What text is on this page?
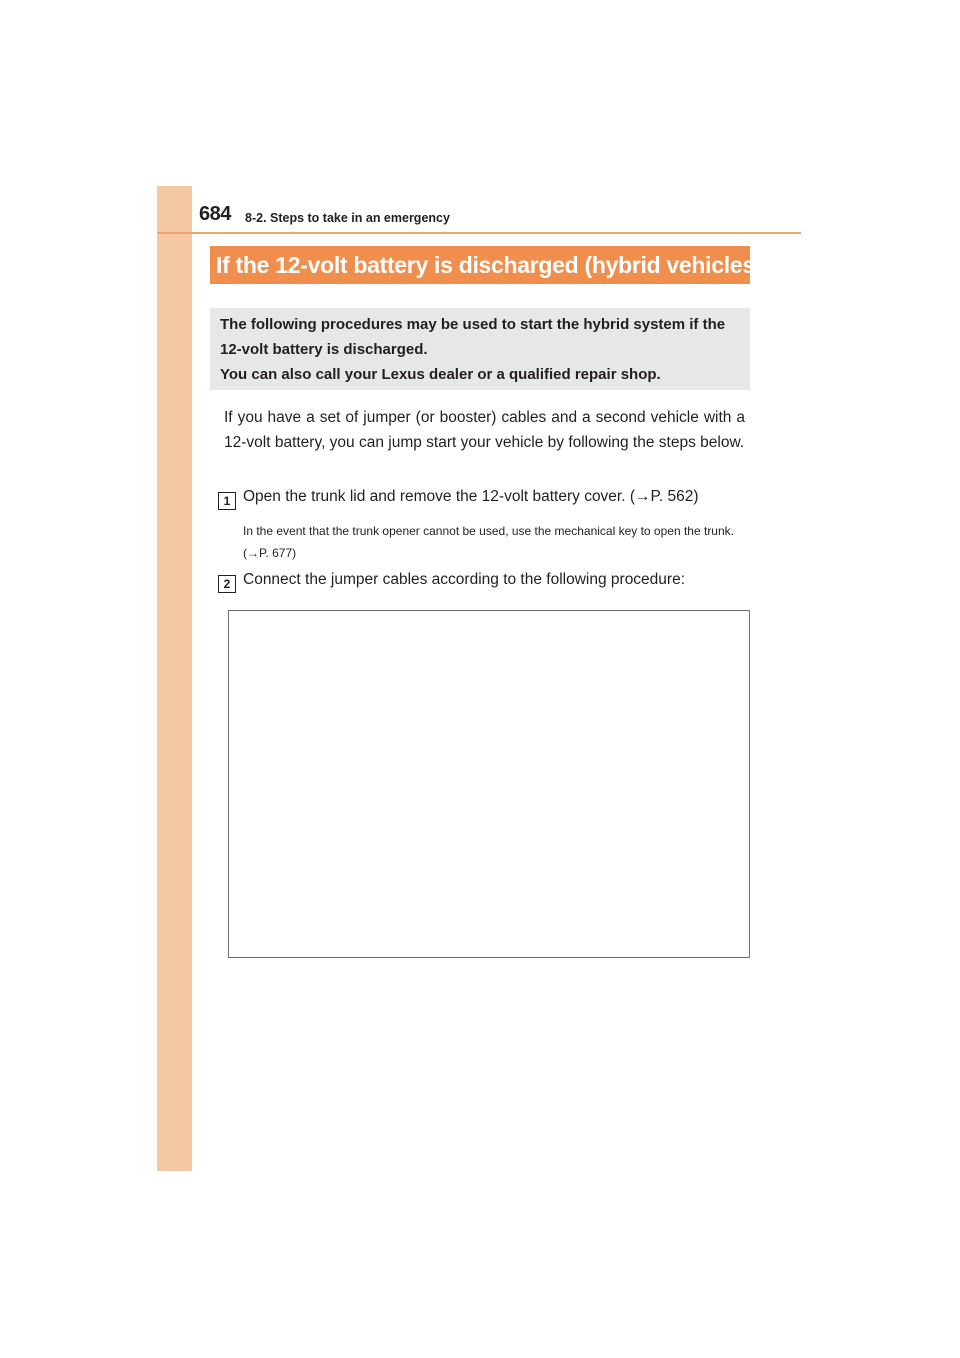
684 8-2. Steps to take in an emergency
If the 12-volt battery is discharged (hybrid vehicles)

The following procedures may be used to start the hybrid system if the 12-volt battery is discharged.

You can also call your Lexus dealer or a qualified repair shop.

If you have a set of jumper (or booster) cables and a second vehicle with a 12-volt battery, you can jump start your vehicle by following the steps below.
1 Open the trunk lid and remove the 12-volt battery cover. (→P. 562)

In the event that the trunk opener cannot be used, use the mechanical key to open the trunk. (→P. 677)

2 Connect the jumper cables according to the following procedure:
